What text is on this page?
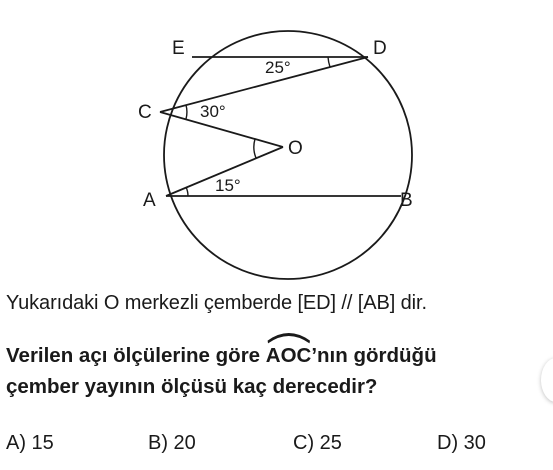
E	D
C
O
A	B
25°
30°
15°
Yukarıdaki O merkezli çemberde [ED] // [AB] dir.
Verilen açı ölçülerine göre
AOC’nın gördüğü
çember yayının ölçüsü kaç derecedir?
A) 15	B) 20	C) 25	D) 30
